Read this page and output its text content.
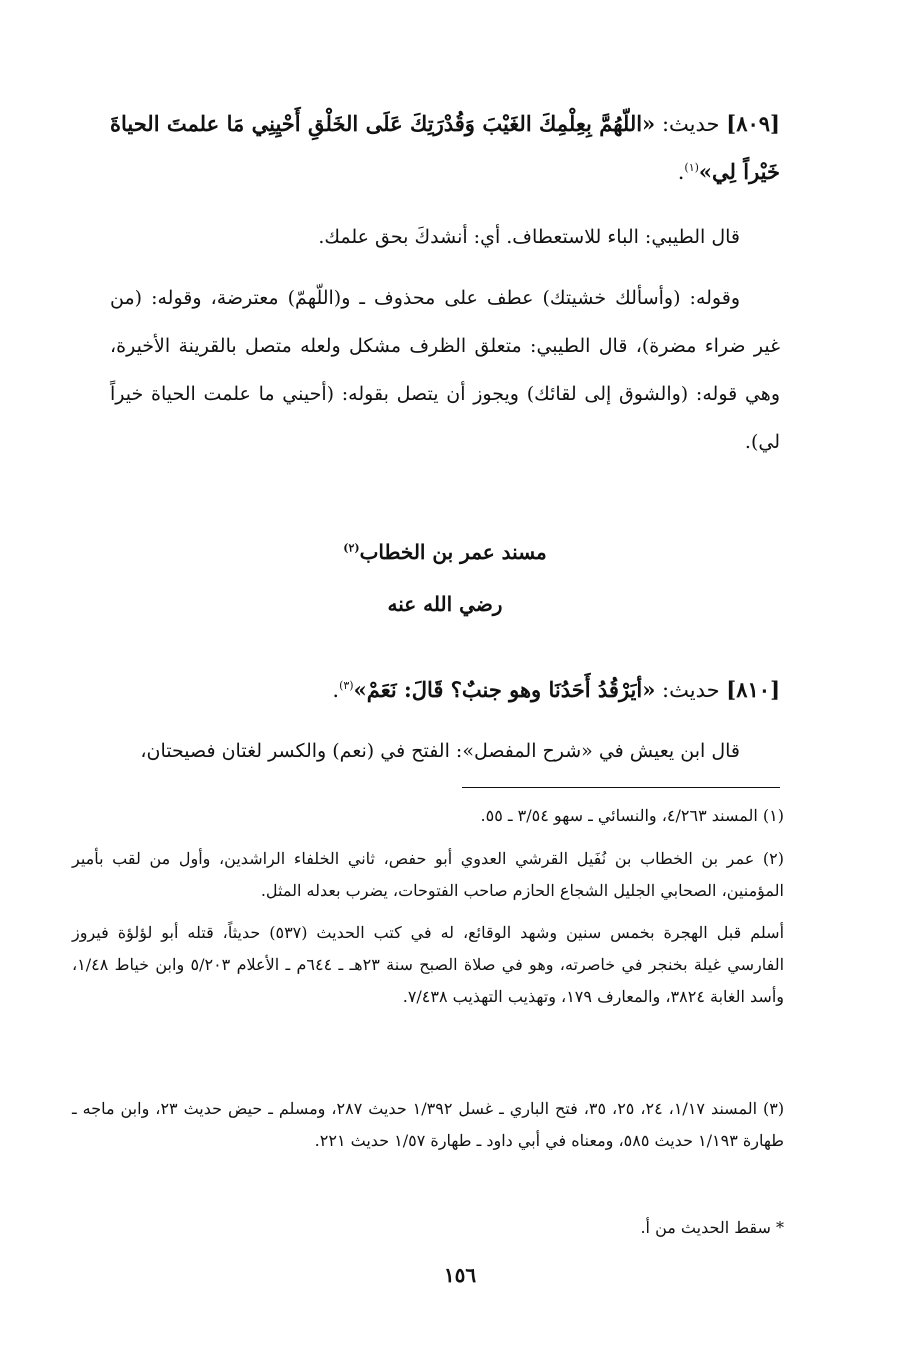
[٨٠٩] حديث: «اللّهُمَّ بِعِلْمِكَ الغَيْبَ وَقُدْرَتِكَ عَلَى الخَلْقِ أَحْيِنِي مَا علمتَ الحياةَ خَيْراً لِي»$^{(١)}$.
قال الطيبي: الباء للاستعطاف. أي: أنشدكَ بحق علمك.
وقوله: (وأسألك خشيتك) عطف على محذوف ـ و(اللّهمّ) معترضة، وقوله: (من غير ضراء مضرة)، قال الطيبي: متعلق الظرف مشكل ولعله متصل بالقرينة الأخيرة، وهي قوله: (والشوق إلى لقائك) ويجوز أن يتصل بقوله: (أحيني ما علمت الحياة خيراً لي).
مسند عمر بن الخطاب$^{(٢)}$
رضي الله عنه
[٨١٠] حديث: «أيَرْقُدُ أَحَدُنَا وهو جنبٌ؟ قَالَ: نَعَمْ»$^{(٣)}$.
قال ابن يعيش في «شرح المفصل»: الفتح في (نعم) والكسر لغتان فصيحتان،
(١) المسند ٤/٢٦٣، والنسائي ـ سهو ٣/٥٤ ـ ٥٥.
(٢) عمر بن الخطاب بن نُفَيل القرشي العدوي أبو حفص، ثاني الخلفاء الراشدين، وأول من لقب بأمير المؤمنين، الصحابي الجليل الشجاع الحازم صاحب الفتوحات، يضرب بعدله المثل.
أسلم قبل الهجرة بخمس سنين وشهد الوقائع، له في كتب الحديث (٥٣٧) حديثاً، قتله أبو لؤلؤة فيروز الفارسي غيلة بخنجر في خاصرته، وهو في صلاة الصبح سنة ٢٣هـ ـ ٦٤٤م ـ الأعلام ٥/٢٠٣ وابن خياط ١/٤٨، وأسد الغابة ٣٨٢٤، والمعارف ١٧٩، وتهذيب التهذيب ٧/٤٣٨.
(٣) المسند ١/١٧، ٢٤، ٢٥، ٣٥، فتح الباري ـ غسل ١/٣٩٢ حديث ٢٨٧، ومسلم ـ حيض حديث ٢٣، وابن ماجه ـ طهارة ١/١٩٣ حديث ٥٨٥، ومعناه في أبي داود ـ طهارة ١/٥٧ حديث ٢٢١.
* سقط الحديث من أ.
١٥٦
